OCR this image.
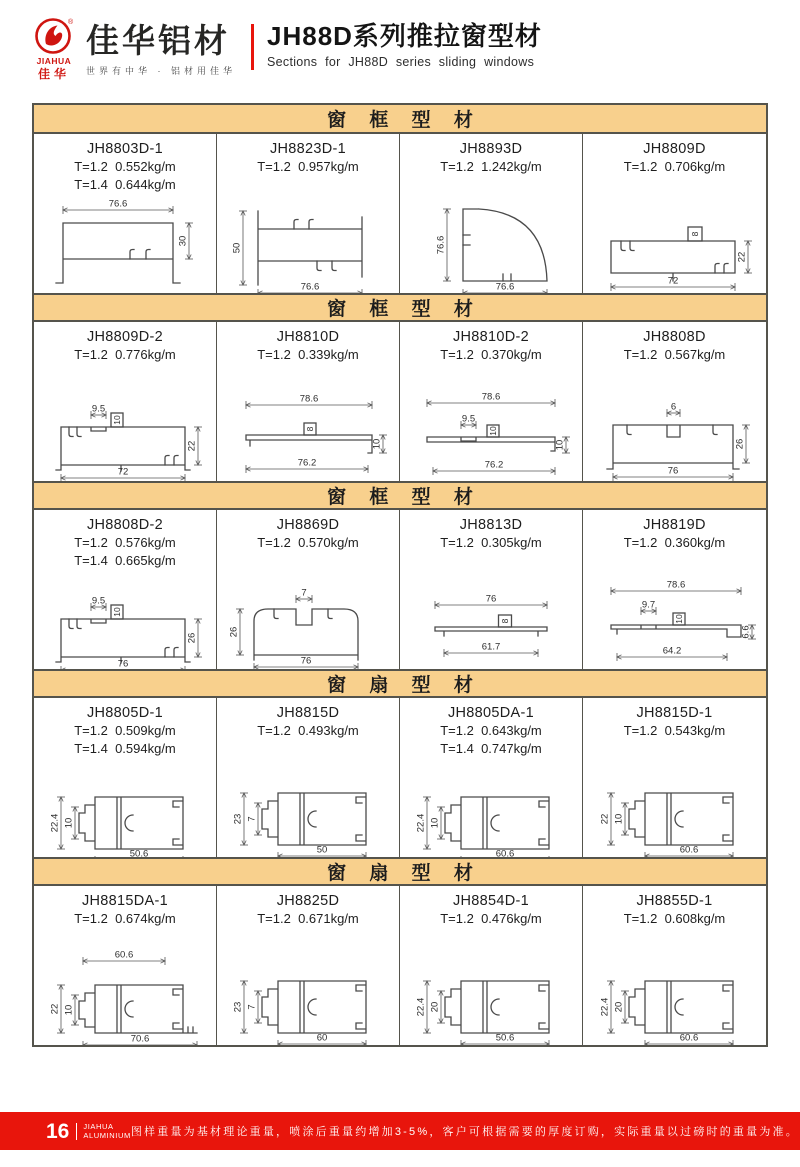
®
JIAHUA
佳华
佳华铝材
世界有中华 · 铝材用佳华
JH88D系列推拉窗型材
Sections for JH88D series sliding windows
窗 框 型 材
JH8803D-1
T=1.2  0.552kg/m
T=1.4  0.644kg/m
76.6
30
JH8823D-1
T=1.2  0.957kg/m
50
76.6
JH8893D
T=1.2  1.242kg/m
76.6
76.6
JH8809D
T=1.2  0.706kg/m
8
22
72
窗 框 型 材
JH8809D-2
T=1.2  0.776kg/m
10
9.5
22
72
JH8810D
T=1.2  0.339kg/m
8
78.6
10
76.2
JH8810D-2
T=1.2  0.370kg/m
10
9.5
78.6
10
76.2
JH8808D
T=1.2  0.567kg/m
6
26
76
窗 框 型 材
JH8808D-2
T=1.2  0.576kg/m
T=1.4  0.665kg/m
10
9.5
26
76
JH8869D
T=1.2  0.570kg/m
7
26
76
JH8813D
T=1.2  0.305kg/m
8
76
61.7
JH8819D
T=1.2  0.360kg/m
10
9.7
78.6
6.6
64.2
窗 扇 型 材
JH8805D-1
T=1.2  0.509kg/m
T=1.4  0.594kg/m
22.4 10
50.6
JH8815D
T=1.2  0.493kg/m
23 7
50
JH8805DA-1
T=1.2  0.643kg/m
T=1.4  0.747kg/m
22.4 10
60.6
JH8815D-1
T=1.2  0.543kg/m
22 10
60.6
窗 扇 型 材
JH8815DA-1
T=1.2  0.674kg/m
60.6
22 10
70.6
JH8825D
T=1.2  0.671kg/m
23 7
60
JH8854D-1
T=1.2  0.476kg/m
22.4 20
50.6
JH8855D-1
T=1.2  0.608kg/m
22.4 20
60.6
16 JIAHUA
ALUMINIUM 图样重量为基材理论重量，喷涂后重量约增加3-5%，客户可根据需要的厚度订购，实际重量以过磅时的重量为准。
